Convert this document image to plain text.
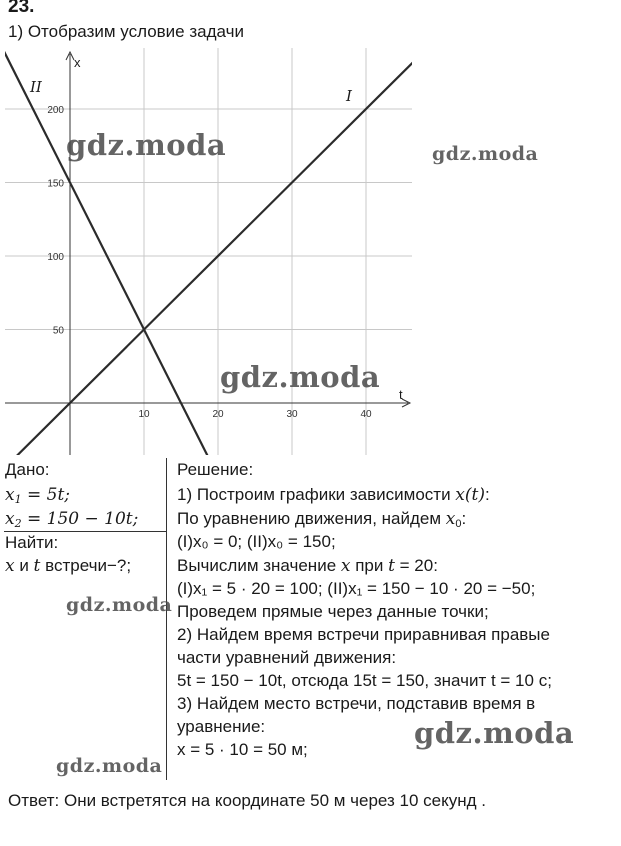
23.
1) Отобразим условие задачи
10	20	30	40
50
100
150
200
I
II
t
x
Дано:
$x_1 = 5t$;
$x_2 = 150 - 10t$;
Найти:
x и t встречи−?;
Решение:
1) Построим графики зависимости x(t):
По уравнению движения, найдем $x_0$:
(I)x₀ = 0; (II)x₀ = 150;
Вычислим значение x при t = 20:
(I)x₁ = 5 · 20 = 100; (II)x₁ = 150 − 10 · 20 = −50;
Проведем прямые через данные точки;
2) Найдем время встречи приравнивая правые
части уравнений движения:
5t = 150 − 10t, отсюда 15t = 150, значит t = 10 с;
3) Найдем место встречи, подставив время в
уравнение:
x = 5 · 10 = 50 м;
Ответ: Они встретятся на координате 50 м через 10 секунд .
gdz.moda	gdz.moda
gdz.moda
gdz.moda
gdz.moda
gdz.moda
